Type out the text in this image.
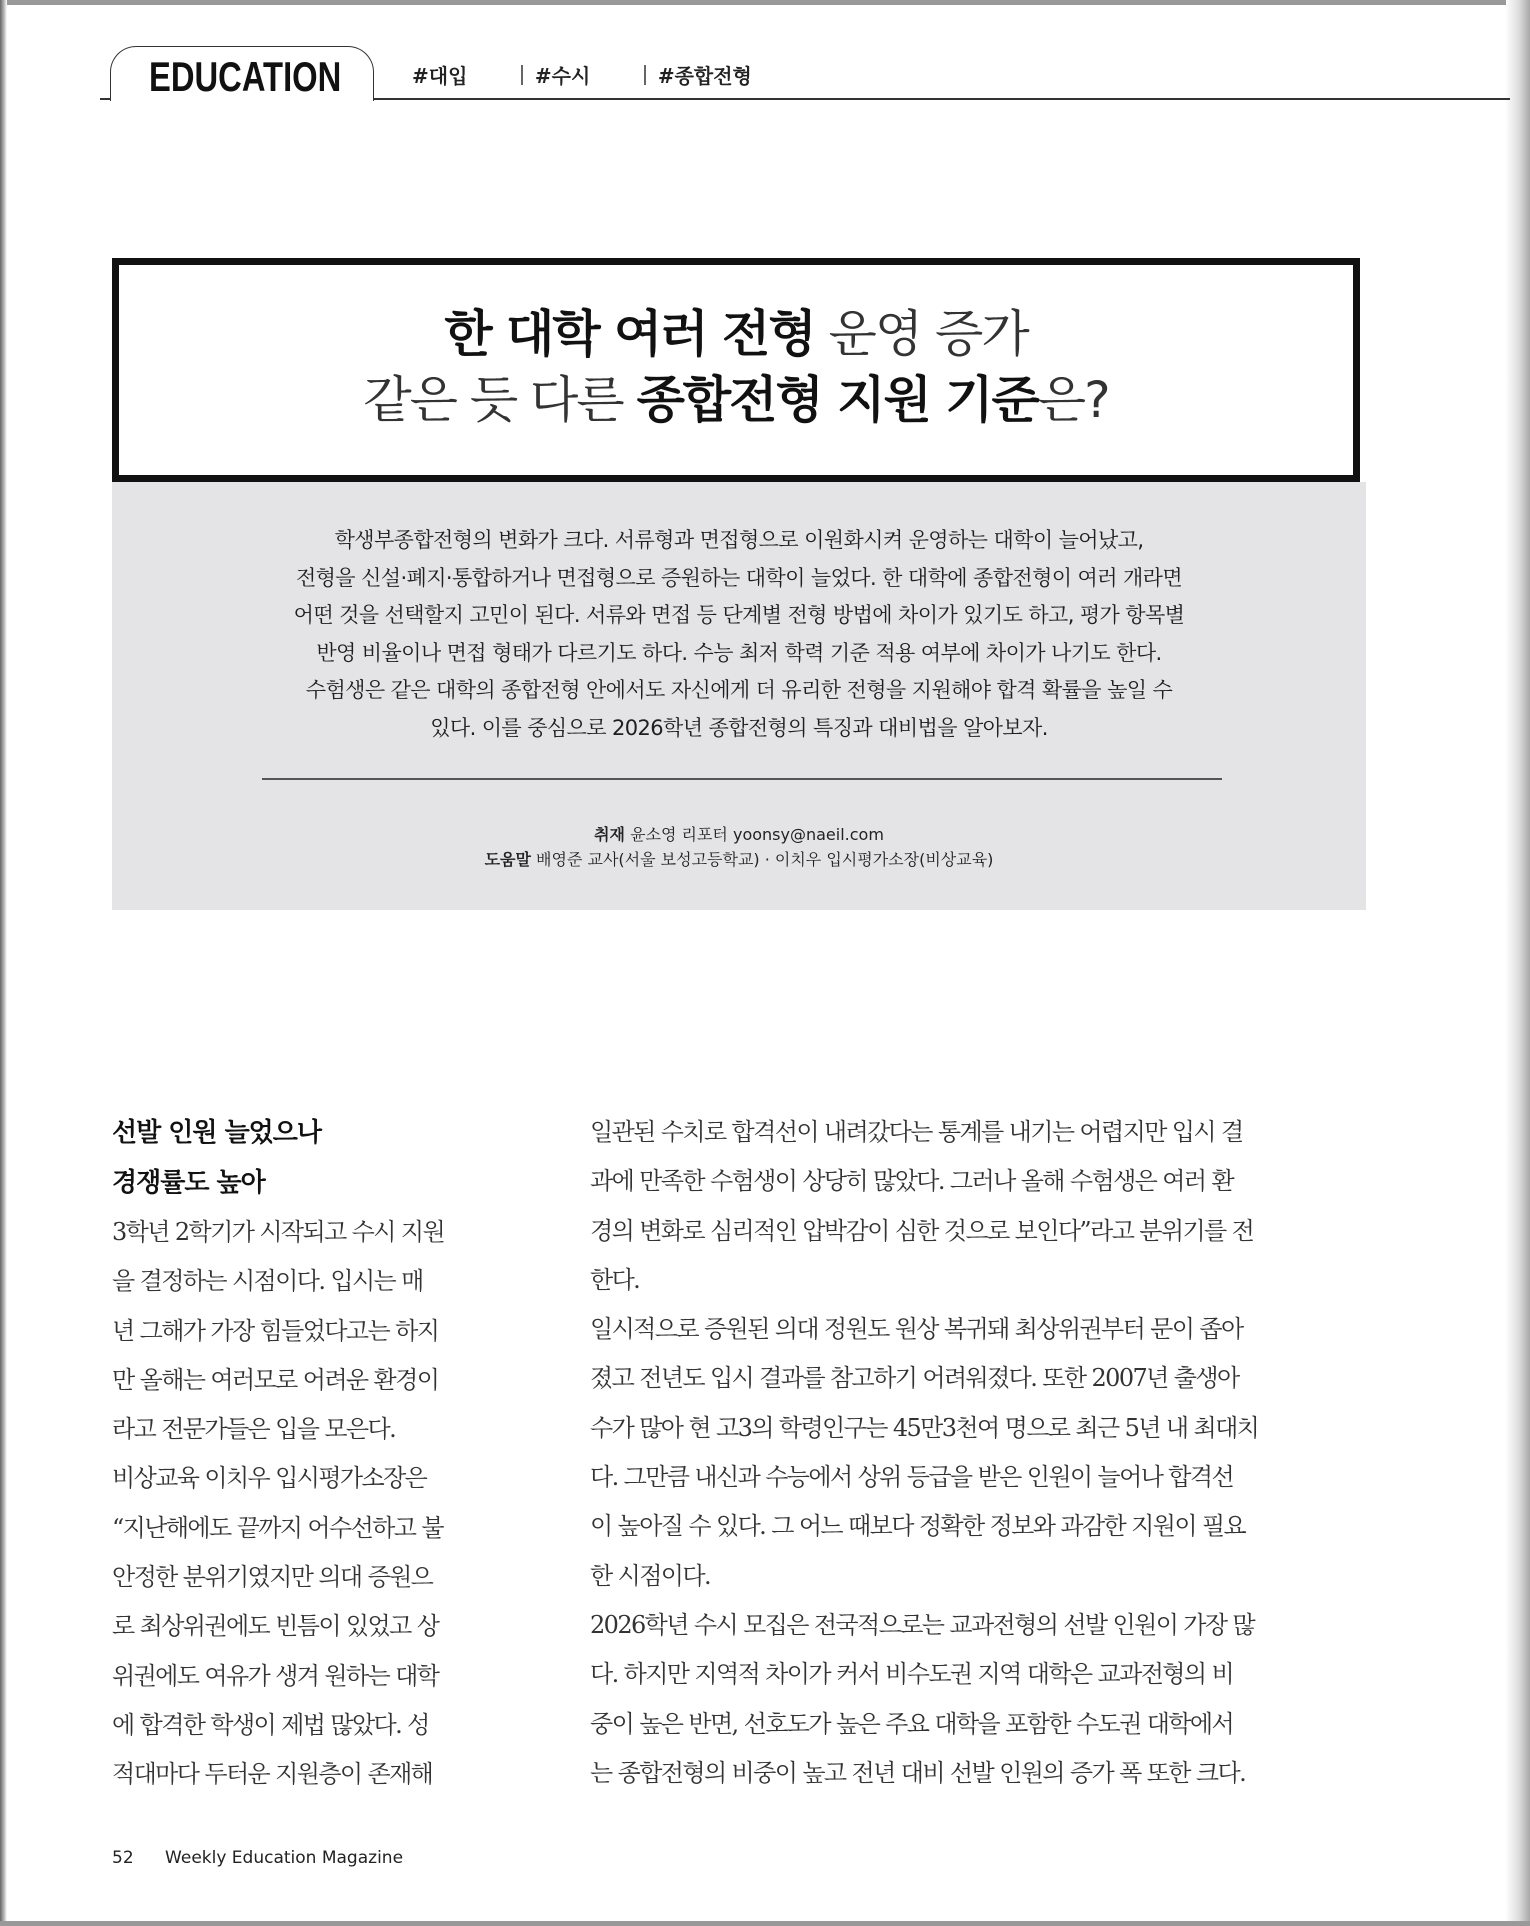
EDUCATION	#대입	#수시	#종합전형
한 대학 여러 전형 운영 증가
같은 듯 다른 종합전형 지원 기준은?
학생부종합전형의 변화가 크다. 서류형과 면접형으로 이원화시켜 운영하는 대학이 늘어났고,
전형을 신설·폐지·통합하거나 면접형으로 증원하는 대학이 늘었다. 한 대학에 종합전형이 여러 개라면
어떤 것을 선택할지 고민이 된다. 서류와 면접 등 단계별 전형 방법에 차이가 있기도 하고, 평가 항목별
반영 비율이나 면접 형태가 다르기도 하다. 수능 최저 학력 기준 적용 여부에 차이가 나기도 한다.
수험생은 같은 대학의 종합전형 안에서도 자신에게 더 유리한 전형을 지원해야 합격 확률을 높일 수
있다. 이를 중심으로 2026학년 종합전형의 특징과 대비법을 알아보자.
취재 윤소영 리포터 yoonsy@naeil.com
도움말 배영준 교사(서울 보성고등학교) · 이치우 입시평가소장(비상교육)
선발 인원 늘었으나
경쟁률도 높아
3학년 2학기가 시작되고 수시 지원
을 결정하는 시점이다. 입시는 매
년 그해가 가장 힘들었다고는 하지
만 올해는 여러모로 어려운 환경이
라고 전문가들은 입을 모은다.
비상교육 이치우 입시평가소장은
“지난해에도 끝까지 어수선하고 불
안정한 분위기였지만 의대 증원으
로 최상위권에도 빈틈이 있었고 상
위권에도 여유가 생겨 원하는 대학
에 합격한 학생이 제법 많았다. 성
적대마다 두터운 지원층이 존재해
일관된 수치로 합격선이 내려갔다는 통계를 내기는 어렵지만 입시 결
과에 만족한 수험생이 상당히 많았다. 그러나 올해 수험생은 여러 환
경의 변화로 심리적인 압박감이 심한 것으로 보인다”라고 분위기를 전
한다.
일시적으로 증원된 의대 정원도 원상 복귀돼 최상위권부터 문이 좁아
졌고 전년도 입시 결과를 참고하기 어려워졌다. 또한 2007년 출생아
수가 많아 현 고3의 학령인구는 45만3천여 명으로 최근 5년 내 최대치
다. 그만큼 내신과 수능에서 상위 등급을 받은 인원이 늘어나 합격선
이 높아질 수 있다. 그 어느 때보다 정확한 정보와 과감한 지원이 필요
한 시점이다.
2026학년 수시 모집은 전국적으로는 교과전형의 선발 인원이 가장 많
다. 하지만 지역적 차이가 커서 비수도권 지역 대학은 교과전형의 비
중이 높은 반면, 선호도가 높은 주요 대학을 포함한 수도권 대학에서
는 종합전형의 비중이 높고 전년 대비 선발 인원의 증가 폭 또한 크다.
52 Weekly Education Magazine
